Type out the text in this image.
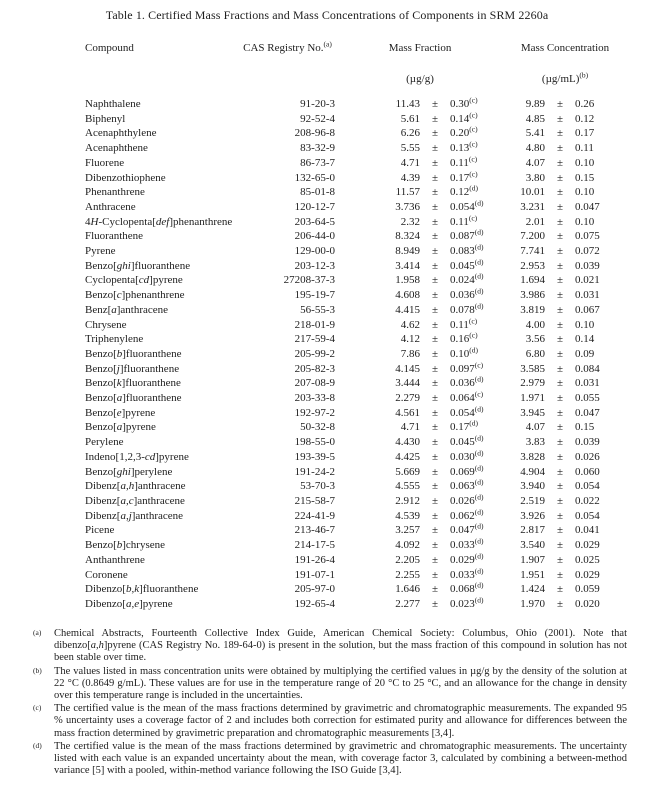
Table 1. Certified Mass Fractions and Mass Concentrations of Components in SRM 2260a
Compound	CAS Registry No.$^{(a)}$	Mass Fraction			Mass Concentration		
		(µg/g)			$(\mu g/mL)^{(b)}$
Naphthalene	91-20-3	11.43	±	$0.30^{(c)}$	9.89	±	0.26
Biphenyl	92-52-4	5.61	±	$0.14^{(c)}$	4.85	±	0.12
Acenaphthylene	208-96-8	6.26	±	$0.20^{(c)}$	5.41	±	0.17
Acenaphthene	83-32-9	5.55	±	$0.13^{(c)}$	4.80	±	0.11
Fluorene	86-73-7	4.71	±	$0.11^{(c)}$	4.07	±	0.10
Dibenzothiophene	132-65-0	4.39	±	$0.17^{(c)}$	3.80	±	0.15
Phenanthrene	85-01-8	11.57	±	$0.12^{(d)}$	10.01	±	0.10
Anthracene	120-12-7	3.736	±	$0.054^{(d)}$	3.231	±	0.047
4H-Cyclopenta[def]phenanthrene	203-64-5	2.32	±	$0.11^{(c)}$	2.01	±	0.10
Fluoranthene	206-44-0	8.324	±	$0.087^{(d)}$	7.200	±	0.075
Pyrene	129-00-0	8.949	±	$0.083^{(d)}$	7.741	±	0.072
Benzo[ghi]fluoranthene	203-12-3	3.414	±	$0.045^{(d)}$	2.953	±	0.039
Cyclopenta[cd]pyrene	27208-37-3	1.958	±	$0.024^{(d)}$	1.694	±	0.021
Benzo[c]phenanthrene	195-19-7	4.608	±	$0.036^{(d)}$	3.986	±	0.031
Benz[a]anthracene	56-55-3	4.415	±	$0.078^{(d)}$	3.819	±	0.067
Chrysene	218-01-9	4.62	±	$0.11^{(c)}$	4.00	±	0.10
Triphenylene	217-59-4	4.12	±	$0.16^{(c)}$	3.56	±	0.14
Benzo[b]fluoranthene	205-99-2	7.86	±	$0.10^{(d)}$	6.80	±	0.09
Benzo[j]fluoranthene	205-82-3	4.145	±	$0.097^{(c)}$	3.585	±	0.084
Benzo[k]fluoranthene	207-08-9	3.444	±	$0.036^{(d)}$	2.979	±	0.031
Benzo[a]fluoranthene	203-33-8	2.279	±	$0.064^{(c)}$	1.971	±	0.055
Benzo[e]pyrene	192-97-2	4.561	±	$0.054^{(d)}$	3.945	±	0.047
Benzo[a]pyrene	50-32-8	4.71	±	$0.17^{(d)}$	4.07	±	0.15
Perylene	198-55-0	4.430	±	$0.045^{(d)}$	3.83	±	0.039
Indeno[1,2,3-cd]pyrene	193-39-5	4.425	±	$0.030^{(d)}$	3.828	±	0.026
Benzo[ghi]perylene	191-24-2	5.669	±	$0.069^{(d)}$	4.904	±	0.060
Dibenz[a,h]anthracene	53-70-3	4.555	±	$0.063^{(d)}$	3.940	±	0.054
Dibenz[a,c]anthracene	215-58-7	2.912	±	$0.026^{(d)}$	2.519	±	0.022
Dibenz[a,j]anthracene	224-41-9	4.539	±	$0.062^{(d)}$	3.926	±	0.054
Picene	213-46-7	3.257	±	$0.047^{(d)}$	2.817	±	0.041
Benzo[b]chrysene	214-17-5	4.092	±	$0.033^{(d)}$	3.540	±	0.029
Anthanthrene	191-26-4	2.205	±	$0.029^{(d)}$	1.907	±	0.025
Coronene	191-07-1	2.255	±	$0.033^{(d)}$	1.951	±	0.029
Dibenzo[b,k]fluoranthene	205-97-0	1.646	±	$0.068^{(d)}$	1.424	±	0.059
Dibenzo[a,e]pyrene	192-65-4	2.277	±	$0.023^{(d)}$	1.970	±	0.020
(a) Chemical Abstracts, Fourteenth Collective Index Guide, American Chemical Society: Columbus, Ohio (2001). Note that dibenzo[a,h]pyrene (CAS Registry No. 189-64-0) is present in the solution, but the mass fraction of this compound in solution has not been stable over time.
(b) The values listed in mass concentration units were obtained by multiplying the certified values in µg/g by the density of the solution at 22 °C (0.8649 g/mL). These values are for use in the temperature range of 20 °C to 25 °C, and an allowance for the change in density over this temperature range is included in the uncertainties.
(c) The certified value is the mean of the mass fractions determined by gravimetric and chromatographic measurements. The expanded 95 % uncertainty uses a coverage factor of 2 and includes both correction for estimated purity and allowance for differences between the mass fraction determined by gravimetric preparation and chromatographic measurements [3,4].
(d) The certified value is the mean of the mass fractions determined by gravimetric and chromatographic measurements. The uncertainty listed with each value is an expanded uncertainty about the mean, with coverage factor 3, calculated by combining a between-method variance [5] with a pooled, within-method variance following the ISO Guide [3,4].
